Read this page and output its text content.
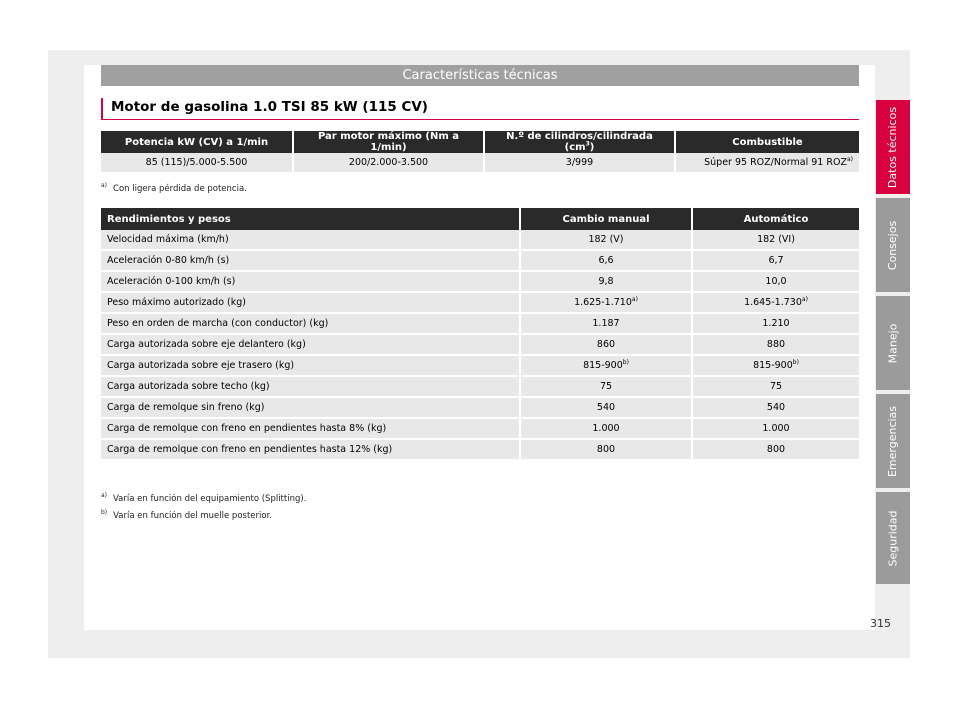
Características técnicas
Motor de gasolina 1.0 TSI 85 kW (115 CV)
Potencia kW (CV) a 1/min	Par motor máximo (Nm a 1/min)	N.º de cilindros/cilindrada $(cm^3)$	Combustible
85 (115)/5.000-5.500	200/2.000-3.500	3/999	Súper 95 ROZ/Normal 91 ROZ$^{a)}$
$^{a)}$ Con ligera pérdida de potencia.
Rendimientos y pesos	Cambio manual	Automático
Velocidad máxima (km/h)	182 (V)	182 (VI)
Aceleración 0-80 km/h (s)	6,6	6,7
Aceleración 0-100 km/h (s)	9,8	10,0
Peso máximo autorizado (kg)	1.625-1.710$^{a)}$	1.645-1.730$^{a)}$
Peso en orden de marcha (con conductor) (kg)	1.187	1.210
Carga autorizada sobre eje delantero (kg)	860	880
Carga autorizada sobre eje trasero (kg)	815-900$^{b)}$	815-900$^{b)}$
Carga autorizada sobre techo (kg)	75	75
Carga de remolque sin freno (kg)	540	540
Carga de remolque con freno en pendientes hasta 8% (kg)	1.000	1.000
Carga de remolque con freno en pendientes hasta 12% (kg)	800	800
$^{a)}$ Varía en función del equipamiento (Splitting).
$^{b)}$ Varía en función del muelle posterior.
Datos técnicos
Consejos
Manejo
Emergencias
Seguridad
315
